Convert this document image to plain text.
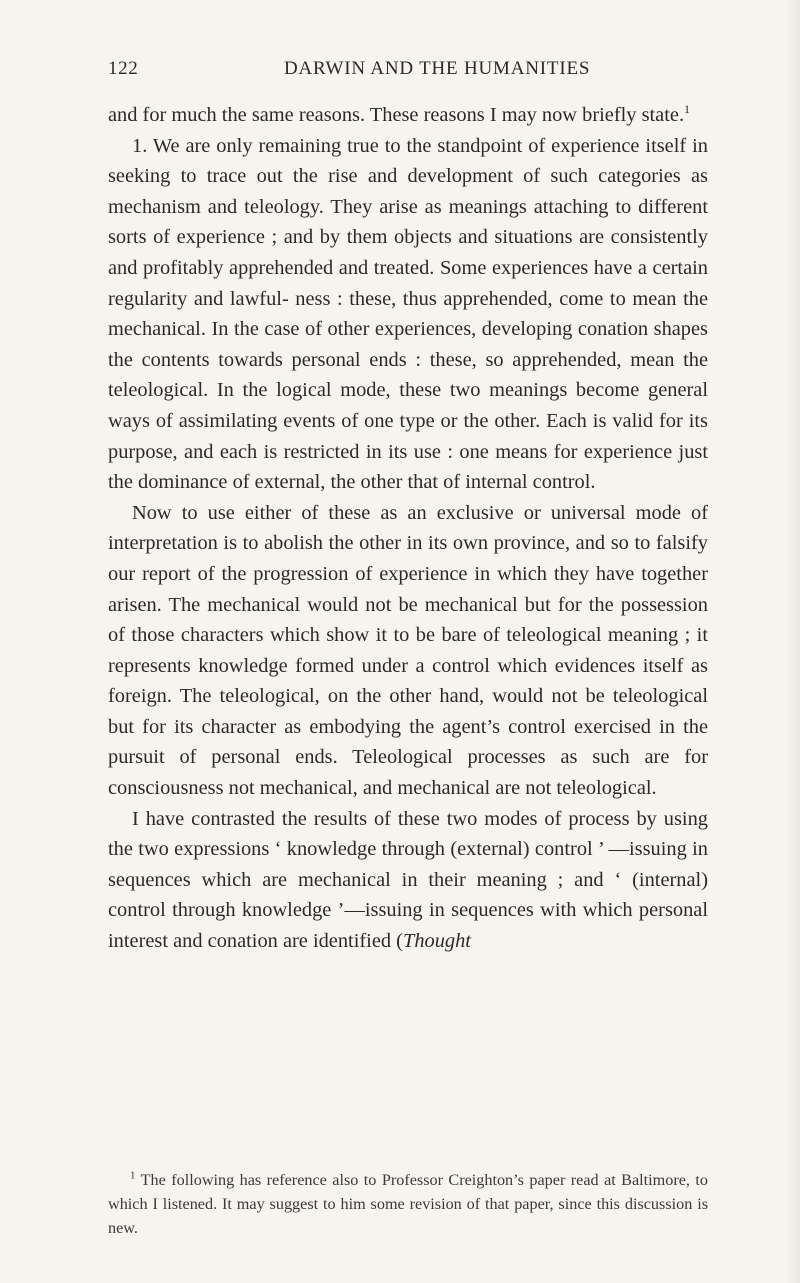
122	DARWIN AND THE HUMANITIES

and for much the same reasons. These reasons I may now briefly state.$^1$

1. We are only remaining true to the standpoint of experience itself in seeking to trace out the rise and development of such categories as mechanism and teleology. They arise as meanings attaching to different sorts of experience ; and by them objects and situations are consistently and profitably apprehended and treated. Some experiences have a certain regularity and lawful- ness : these, thus apprehended, come to mean the mechanical. In the case of other experiences, developing conation shapes the contents towards personal ends : these, so apprehended, mean the teleological. In the logical mode, these two meanings become general ways of assimilating events of one type or the other. Each is valid for its purpose, and each is restricted in its use : one means for experience just the dominance of external, the other that of internal control.

Now to use either of these as an exclusive or universal mode of interpretation is to abolish the other in its own province, and so to falsify our report of the progression of experience in which they have together arisen. The mechanical would not be mechanical but for the possession of those characters which show it to be bare of teleological meaning ; it represents knowledge formed under a control which evidences itself as foreign. The teleological, on the other hand, would not be teleological but for its character as embodying the agent’s control exercised in the pursuit of personal ends. Teleological processes as such are for consciousness not mechanical, and mechanical are not teleological.

I have contrasted the results of these two modes of process by using the two expressions ‘ knowledge through (external) control ’ —issuing in sequences which are mechanical in their meaning ; and ‘ (internal) control through knowledge ’—issuing in sequences with which personal interest and conation are identified (Thought

$^1$ The following has reference also to Professor Creighton’s paper read at Baltimore, to which I listened. It may suggest to him some revision of that paper, since this discussion is new.
